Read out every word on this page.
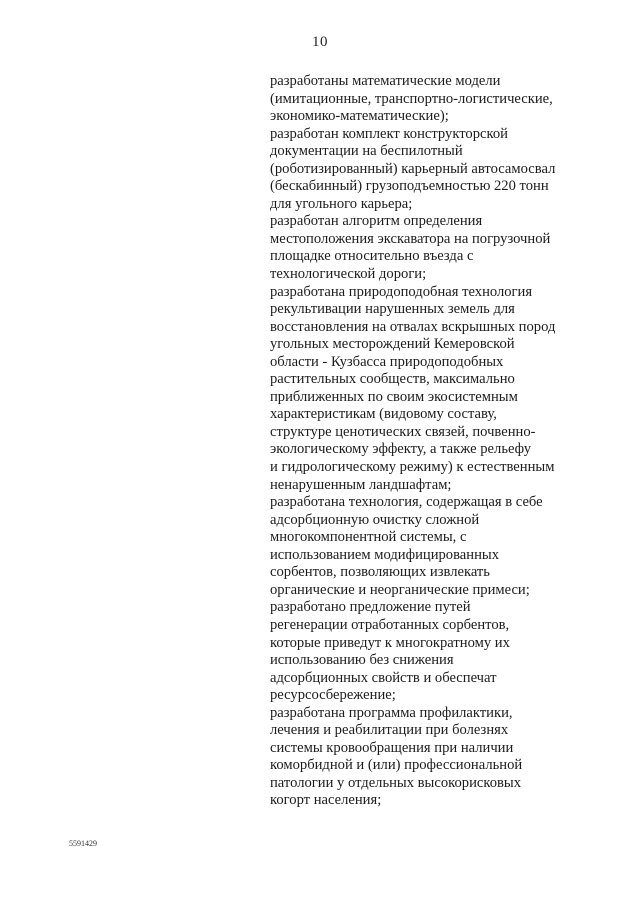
10
разработаны математические модели
(имитационные, транспортно-логистические,
экономико-математические);
разработан комплект конструкторской
документации на беспилотный
(роботизированный) карьерный автосамосвал
(бескабинный) грузоподъемностью 220 тонн
для угольного карьера;
разработан алгоритм определения
местоположения экскаватора на погрузочной
площадке относительно въезда с
технологической дороги;
разработана природоподобная технология
рекультивации нарушенных земель для
восстановления на отвалах вскрышных пород
угольных месторождений Кемеровской
области - Кузбасса природоподобных
растительных сообществ, максимально
приближенных по своим экосистемным
характеристикам (видовому составу,
структуре ценотических связей, почвенно-
экологическому эффекту, а также рельефу
и гидрологическому режиму) к естественным
ненарушенным ландшафтам;
разработана технология, содержащая в себе
адсорбционную очистку сложной
многокомпонентной системы, с
использованием модифицированных
сорбентов, позволяющих извлекать
органические и неорганические примеси;
разработано предложение путей
регенерации отработанных сорбентов,
которые приведут к многократному их
использованию без снижения
адсорбционных свойств и обеспечат
ресурсосбережение;
разработана программа профилактики,
лечения и реабилитации при болезнях
системы кровообращения при наличии
коморбидной и (или) профессиональной
патологии у отдельных высокорисковых
когорт населения;
5591429
